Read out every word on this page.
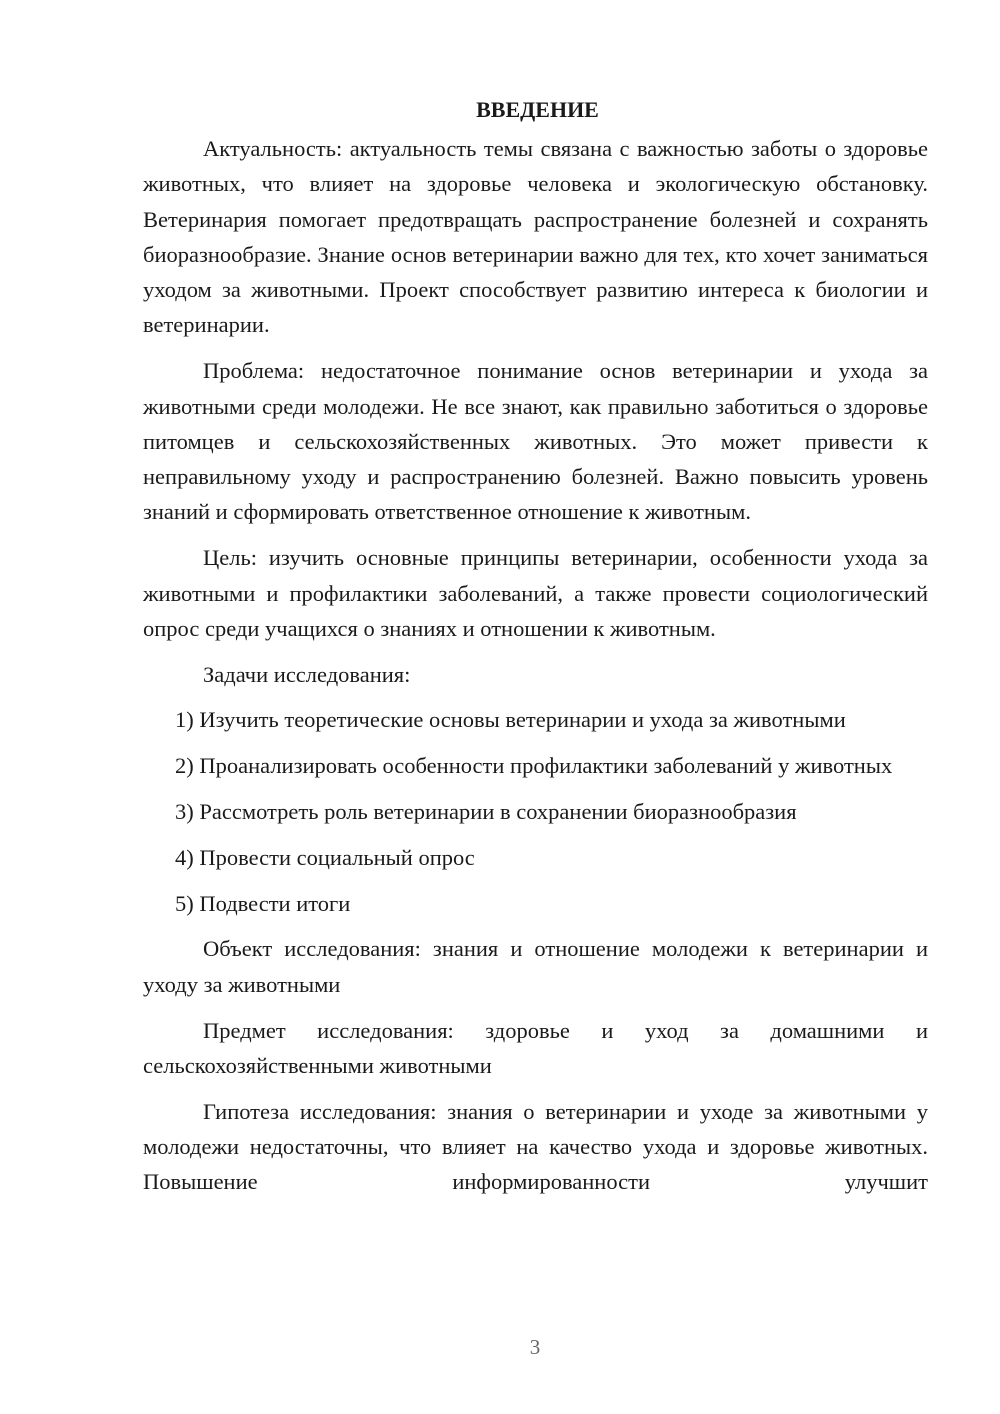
ВВЕДЕНИЕ

Актуальность: актуальность темы связана с важностью заботы о здоровье животных, что влияет на здоровье человека и экологическую обстановку. Ветеринария помогает предотвращать распространение болезней и сохранять биоразнообразие. Знание основ ветеринарии важно для тех, кто хочет заниматься уходом за животными. Проект способствует развитию интереса к биологии и ветеринарии.

Проблема: недостаточное понимание основ ветеринарии и ухода за животными среди молодежи. Не все знают, как правильно заботиться о здоровье питомцев и сельскохозяйственных животных. Это может привести к неправильному уходу и распространению болезней. Важно повысить уровень знаний и сформировать ответственное отношение к животным.

Цель: изучить основные принципы ветеринарии, особенности ухода за животными и профилактики заболеваний, а также провести социологический опрос среди учащихся о знаниях и отношении к животным.

Задачи исследования:

1) Изучить теоретические основы ветеринарии и ухода за животными

2) Проанализировать особенности профилактики заболеваний у животных

3) Рассмотреть роль ветеринарии в сохранении биоразнообразия

4) Провести социальный опрос

5) Подвести итоги

Объект исследования: знания и отношение молодежи к ветеринарии и уходу за животными

Предмет исследования: здоровье и уход за домашними и сельскохозяйственными животными

Гипотеза исследования: знания о ветеринарии и уходе за животными у молодежи недостаточны, что влияет на качество ухода и здоровье животных. Повышение информированности улучшит

3
